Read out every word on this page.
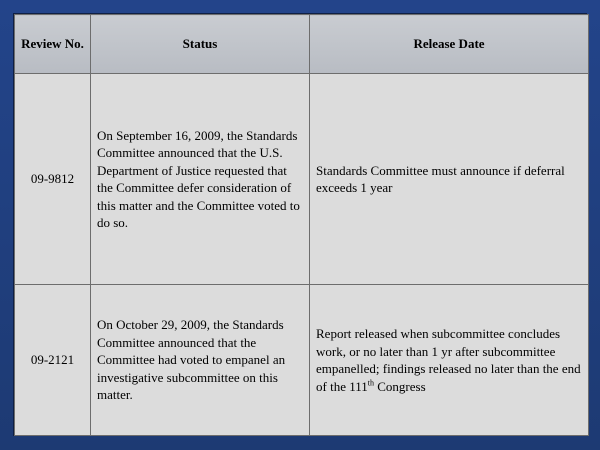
Review No.	Status	Release Date
09-9812	On September 16, 2009, the Standards Committee announced that the U.S. Department of Justice requested that the Committee defer consideration of this matter and the Committee voted to do so.	Standards Committee must announce if deferral exceeds 1 year
09-2121	On October 29, 2009, the Standards Committee announced that the Committee had voted to empanel an investigative subcommittee on this matter.	Report released when subcommittee concludes work, or no later than 1 yr after subcommittee empanelled; findings released no later than the end of the 111th Congress
